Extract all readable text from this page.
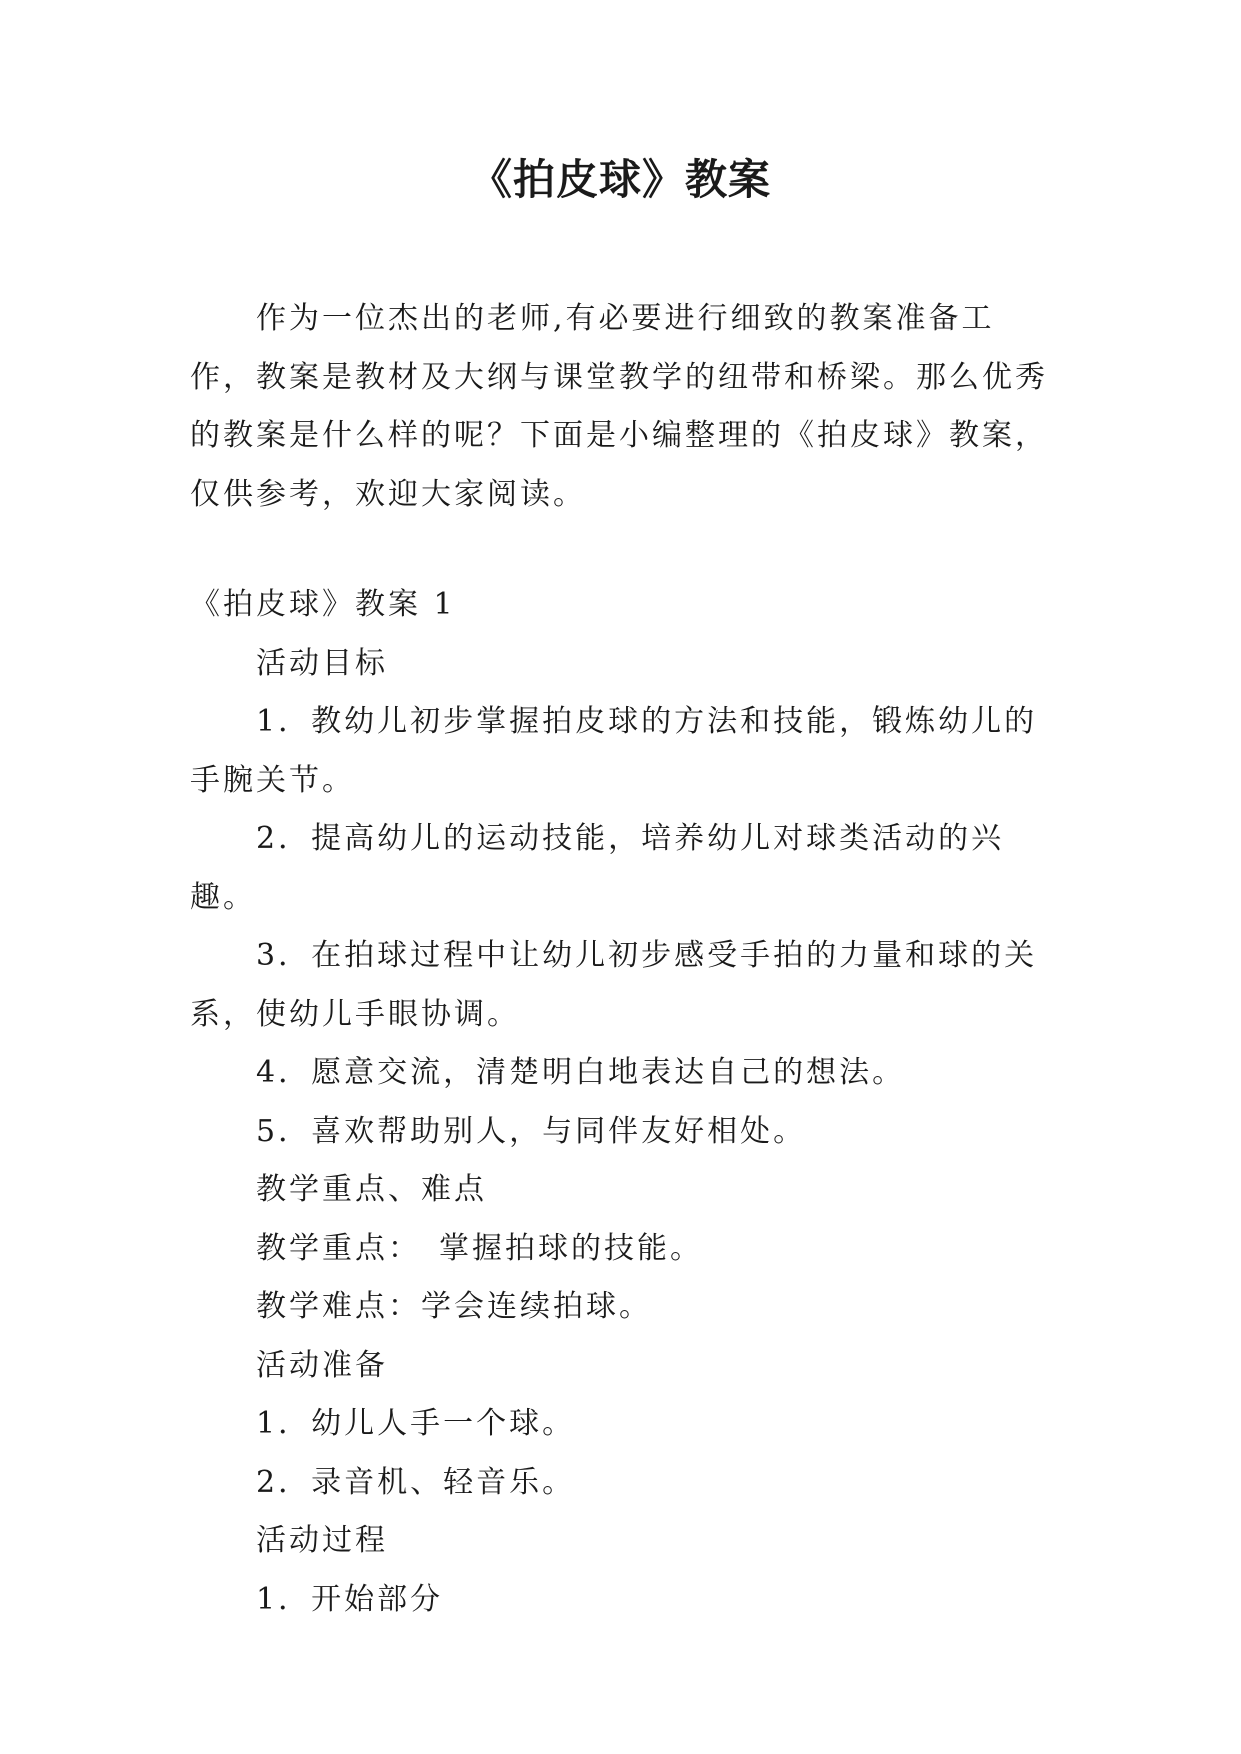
《拍皮球》教案

作为一位杰出的老师,有必要进行细致的教案准备工作，教案是教材及大纲与课堂教学的纽带和桥梁。那么优秀的教案是什么样的呢？下面是小编整理的《拍皮球》教案，仅供参考，欢迎大家阅读。

《拍皮球》教案 1

活动目标

1．教幼儿初步掌握拍皮球的方法和技能，锻炼幼儿的手腕关节。

2．提高幼儿的运动技能，培养幼儿对球类活动的兴趣。

3．在拍球过程中让幼儿初步感受手拍的力量和球的关系，使幼儿手眼协调。

4．愿意交流，清楚明白地表达自己的想法。

5．喜欢帮助别人，与同伴友好相处。

教学重点、难点

教学重点：　掌握拍球的技能。

教学难点：学会连续拍球。

活动准备

1．幼儿人手一个球。

2．录音机、轻音乐。

活动过程

1．开始部分
